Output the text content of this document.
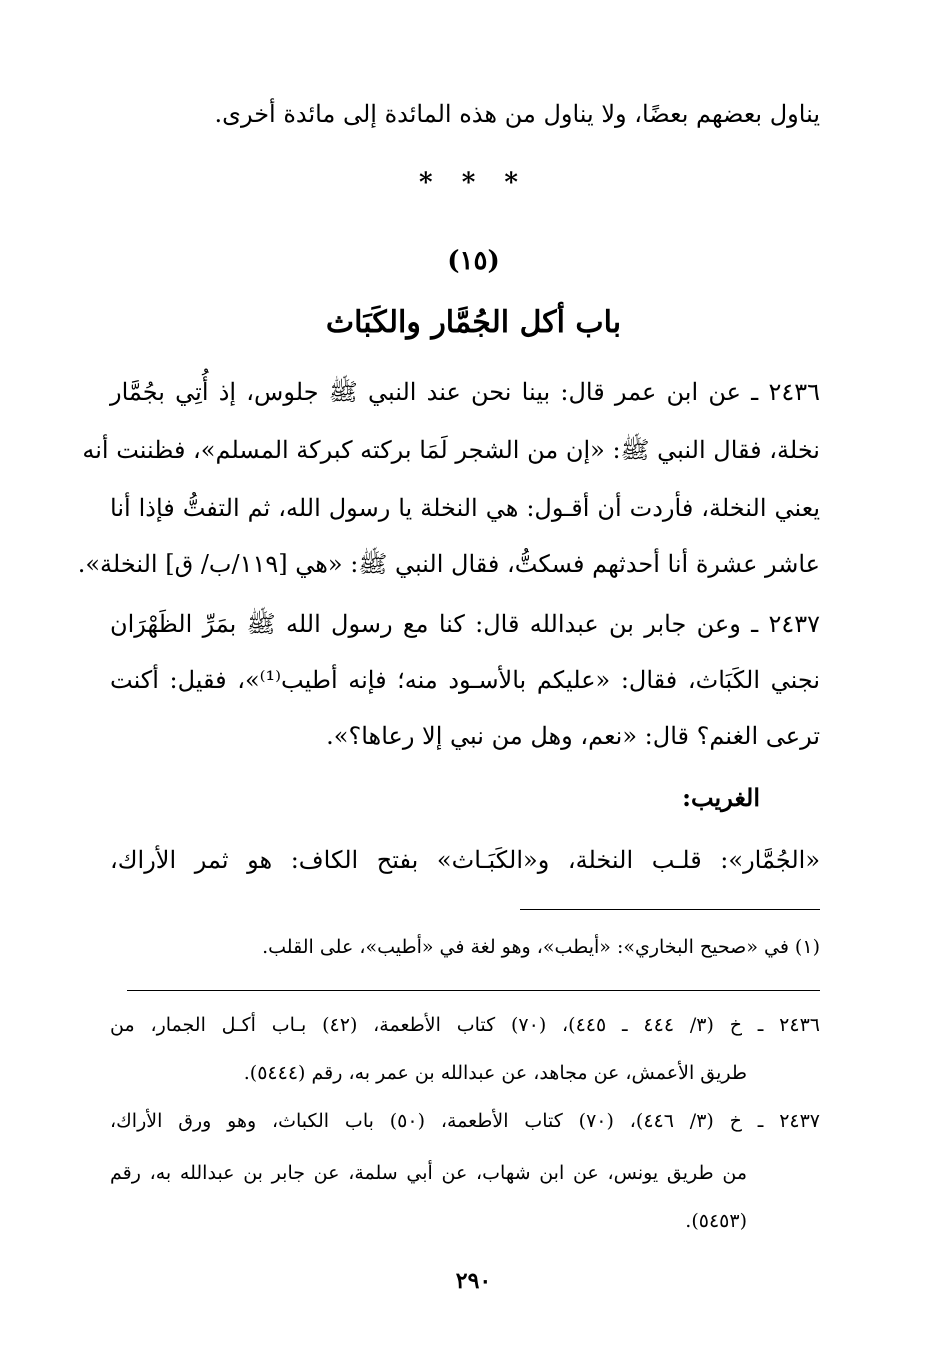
يناول بعضهم بعضًا، ولا يناول من هذه المائدة إلى مائدة أخرى.
* * *
(١٥)
باب أكل الجُمَّار والكَبَاث
٢٤٣٦ ـ عن ابن عمر قال: بينا نحن عند النبي ﷺ جلوس، إذ أُتِي بجُمَّار
نخلة، فقال النبي ﷺ: «إن من الشجر لَمَا بركته كبركة المسلم»، فظننت أنه
يعني النخلة، فأردت أن أقـول: هي النخلة يا رسول الله، ثم التفتُّ فإذا أنا
عاشر عشرة أنا أحدثهم فسكتُّ، فقال النبي ﷺ: «هي [١١٩/ب/ ق] النخلة».
٢٤٣٧ ـ وعن جابر بن عبدالله قال: كنا مع رسول الله ﷺ بمَرِّ الظَهْرَان
نجني الكَبَاث، فقال: «عليكم بالأسـود منه؛ فإنه أطيب⁽¹⁾»، فقيل: أكنت
ترعى الغنم؟ قال: «نعم، وهل من نبي إلا رعاها؟».
الغريب:
«الجُمَّار»: قلـب النخلة، و«الكَبَـاث» بفتح الكاف: هو ثمر الأراك،
(١) في «صحيح البخاري»: «أيطب»، وهو لغة في «أطيب»، على القلب.
٢٤٣٦ ـ خ (٣/ ٤٤٤ ـ ٤٤٥)، (٧٠) كتاب الأطعمة، (٤٢) بـاب أكـل الجمار، من
طريق الأعمش، عن مجاهد، عن عبدالله بن عمر به، رقم (٥٤٤٤).
٢٤٣٧ ـ خ (٣/ ٤٤٦)، (٧٠) كتاب الأطعمة، (٥٠) باب الكباث، وهو ورق الأراك،
من طريق يونس، عن ابن شهاب، عن أبي سلمة، عن جابر بن عبدالله به، رقم
(٥٤٥٣).
٢٩٠
